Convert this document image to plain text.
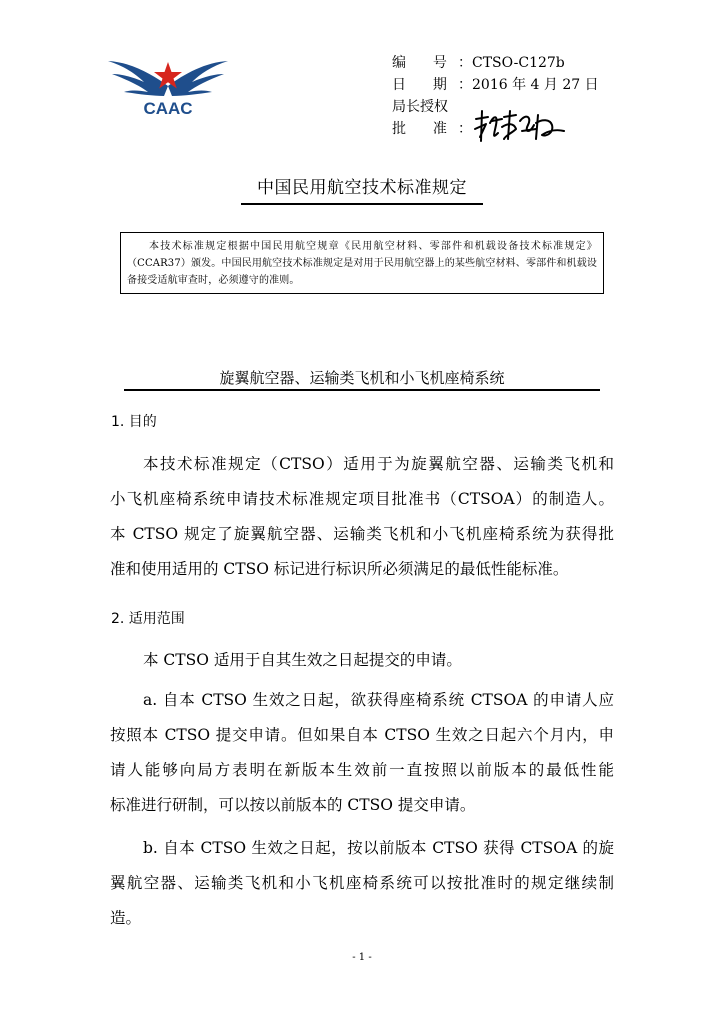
CAAC
编 号：CTSO-C127b
日 期：2016 年 4 月 27 日
局长授权
批 准：
中国民用航空技术标准规定
本技术标准规定根据中国民用航空规章《民用航空材料、零部件和机载设备技术标准规定》（CCAR37）颁发。中国民用航空技术标准规定是对用于民用航空器上的某些航空材料、零部件和机载设备接受适航审查时，必须遵守的准则。
旋翼航空器、运输类飞机和小飞机座椅系统
1. 目的
本技术标准规定（CTSO）适用于为旋翼航空器、运输类飞机和
小飞机座椅系统申请技术标准规定项目批准书（CTSOA）的制造人。
本 CTSO 规定了旋翼航空器、运输类飞机和小飞机座椅系统为获得批
准和使用适用的 CTSO 标记进行标识所必须满足的最低性能标准。
2. 适用范围
本 CTSO 适用于自其生效之日起提交的申请。
a. 自本 CTSO 生效之日起，欲获得座椅系统 CTSOA 的申请人应
按照本 CTSO 提交申请。但如果自本 CTSO 生效之日起六个月内，申
请人能够向局方表明在新版本生效前一直按照以前版本的最低性能
标准进行研制，可以按以前版本的 CTSO 提交申请。
b. 自本 CTSO 生效之日起，按以前版本 CTSO 获得 CTSOA 的旋
翼航空器、运输类飞机和小飞机座椅系统可以按批准时的规定继续制
造。
- 1 -
